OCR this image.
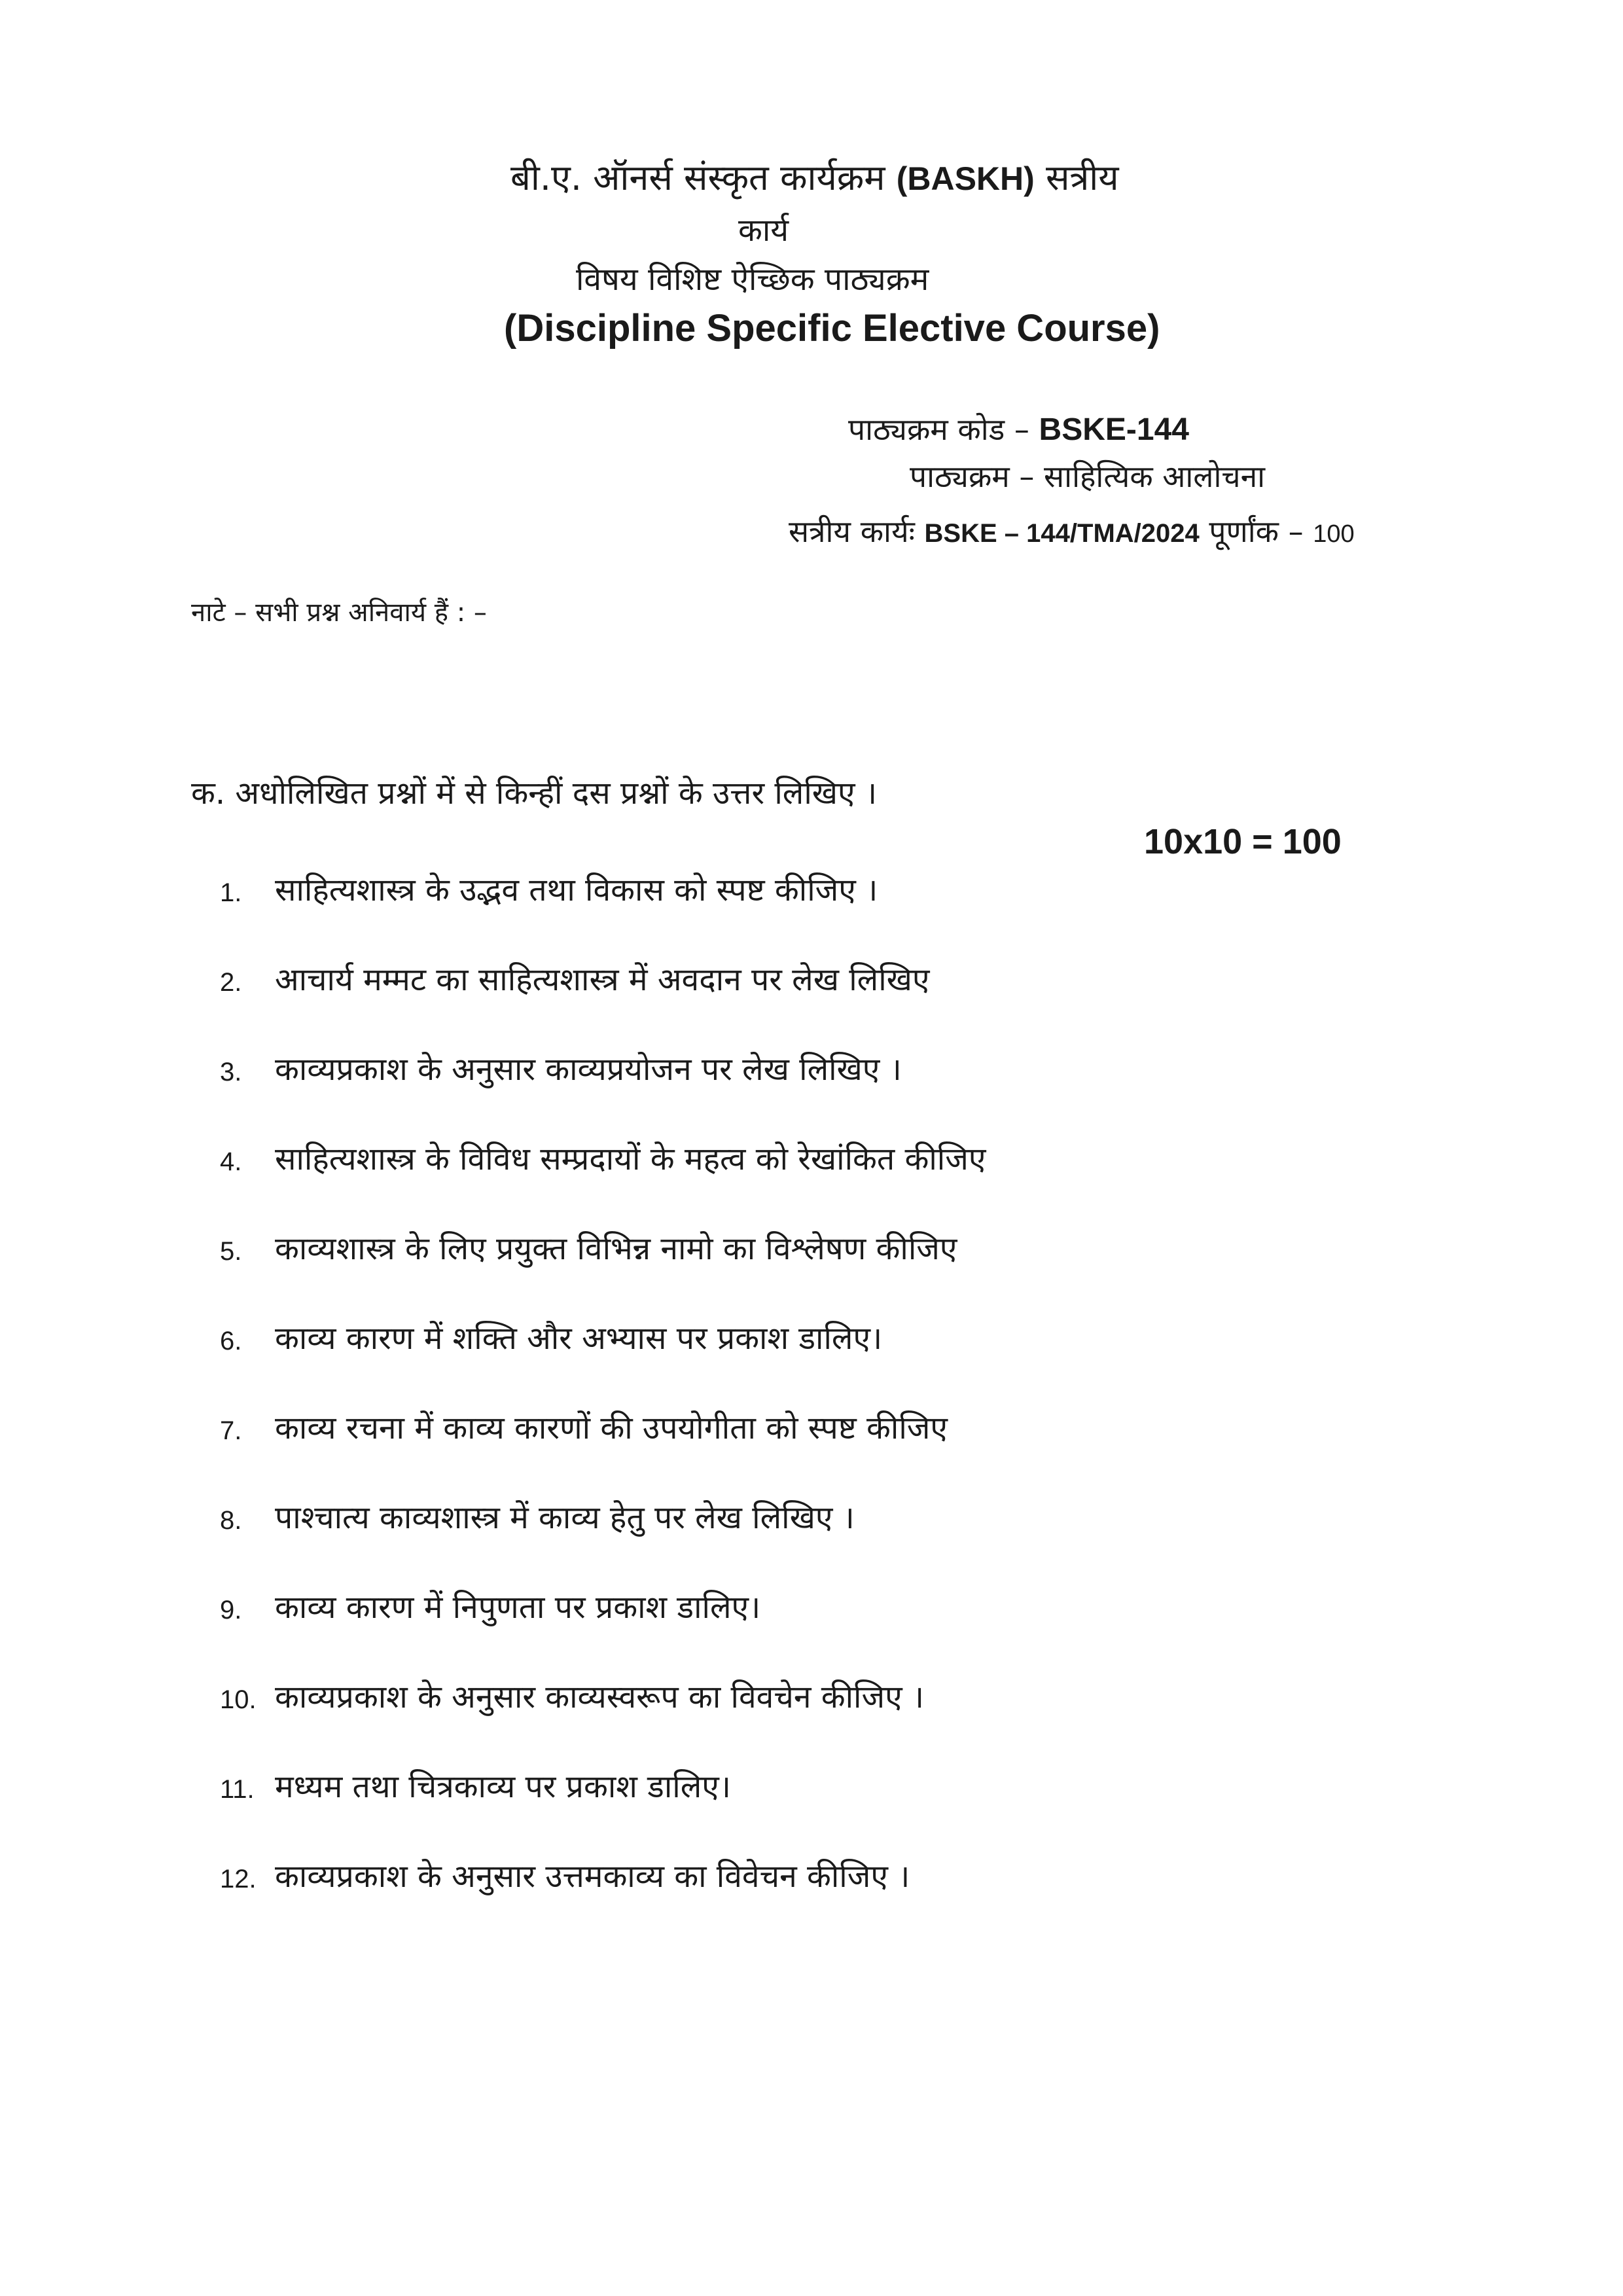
बी.ए. ऑनर्स संस्कृत कार्यक्रम (BASKH) सत्रीय
कार्य
विषय विशिष्ट ऐच्छिक पाठ्यक्रम
(Discipline Specific Elective Course)
पाठ्यक्रम कोड – BSKE-144
पाठ्यक्रम – साहित्यिक आलोचना
सत्रीय कार्यः BSKE – 144/TMA/2024 पूर्णांक – 100
नाटे – सभी प्रश्न अनिवार्य हैं : –
क. अधोलिखित प्रश्नों में से किन्हीं दस प्रश्नों के उत्तर लिखिए ।
10x10 = 100
1.	साहित्यशास्त्र के उद्भव तथा विकास को स्पष्ट कीजिए ।
2.	आचार्य मम्मट का साहित्यशास्त्र में अवदान पर लेख लिखिए
3.	काव्यप्रकाश के अनुसार काव्यप्रयोजन पर लेख लिखिए ।
4.	साहित्यशास्त्र के विविध सम्प्रदायों के महत्व को रेखांकित कीजिए
5.	काव्यशास्त्र के लिए प्रयुक्त विभिन्न नामो का विश्लेषण कीजिए
6.	काव्य कारण में शक्ति और अभ्यास पर प्रकाश डालिए।
7.	काव्य रचना में काव्य कारणों की उपयोगीता को स्पष्ट कीजिए
8.	पाश्चात्य काव्यशास्त्र में काव्य हेतु पर लेख लिखिए ।
9.	काव्य कारण में निपुणता पर प्रकाश डालिए।
10. काव्यप्रकाश के अनुसार काव्यस्वरूप का विवचेन कीजिए ।
11. मध्यम तथा चित्रकाव्य पर प्रकाश डालिए।
12. काव्यप्रकाश के अनुसार उत्तमकाव्य का विवेचन कीजिए ।
